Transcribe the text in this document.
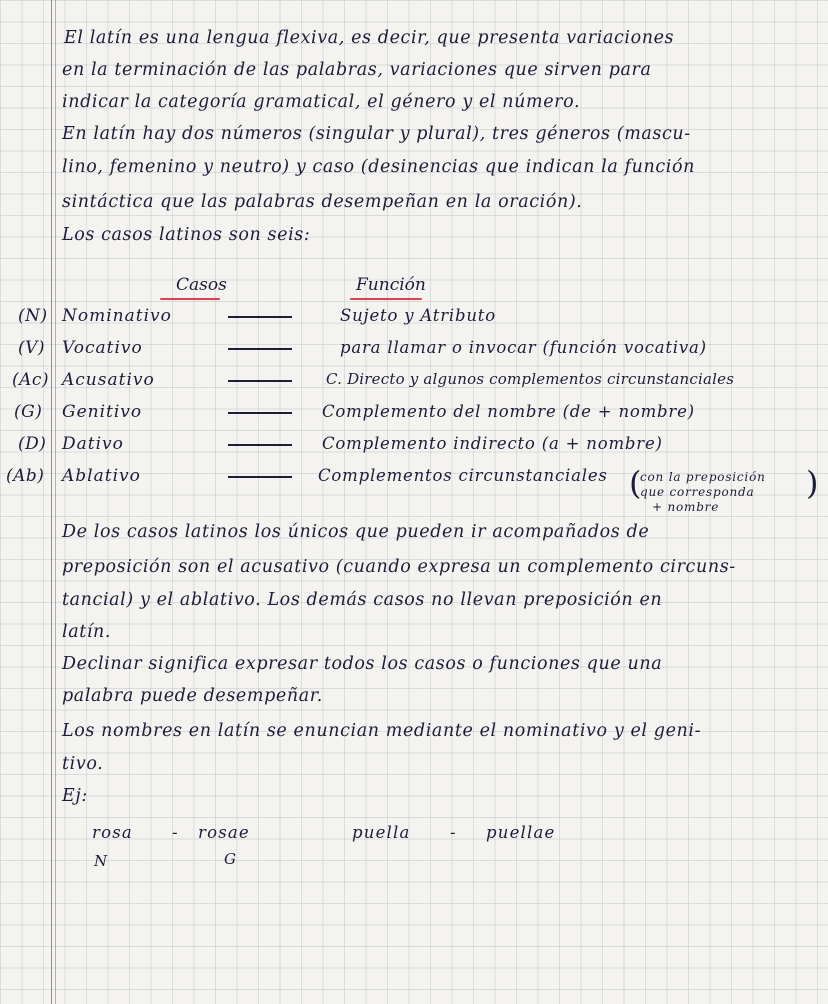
El latín es una lengua flexiva, es decir, que presenta variaciones
en la terminación de las palabras, variaciones que sirven para
indicar la categoría gramatical, el género y el número.
En latín hay dos números (singular y plural), tres géneros (mascu-
lino, femenino y neutro) y caso (desinencias que indican la función
sintáctica que las palabras desempeñan en la oración).
Los casos latinos son seis:
Casos	Función
(N) Nominativo	Sujeto y Atributo
(V) Vocativo	para llamar o invocar (función vocativa)
(Ac) Acusativo	C. Directo y algunos complementos circunstanciales
(G) Genitivo	Complemento del nombre (de + nombre)
(D) Dativo	Complemento indirecto (a + nombre)
(Ab) Ablativo	Complementos circunstanciales (
con la preposición
que corresponda
+ nombre
)
De los casos latinos los únicos que pueden ir acompañados de
preposición son el acusativo (cuando expresa un complemento circuns-
tancial) y el ablativo. Los demás casos no llevan preposición en
latín.
Declinar significa expresar todos los casos o funciones que una
palabra puede desempeñar.
Los nombres en latín se enuncian mediante el nominativo y el geni-
tivo.
Ej:
rosa - rosae
N	G
puella - puellae
